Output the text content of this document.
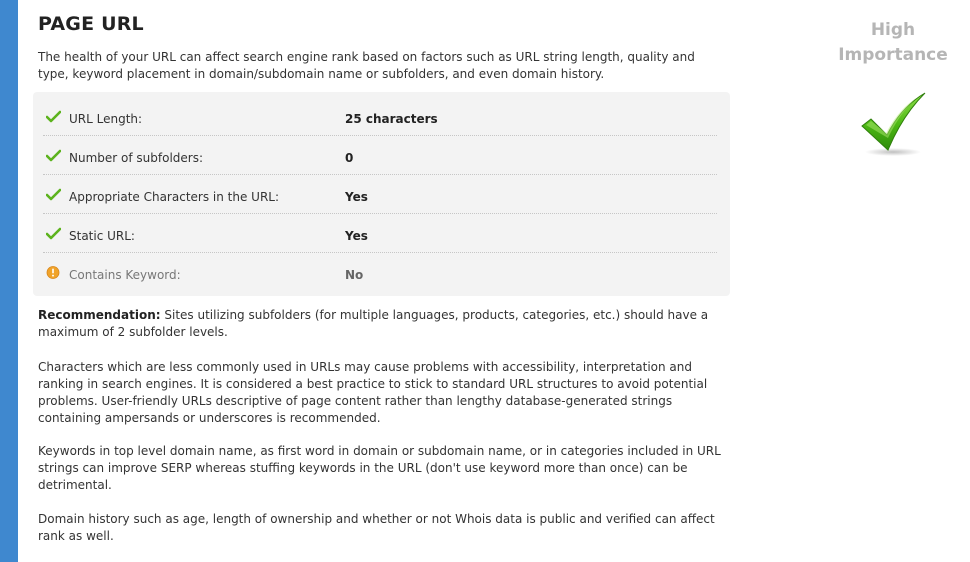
PAGE URL
The health of your URL can affect search engine rank based on factors such as URL string length, quality and type, keyword placement in domain/subdomain name or subfolders, and even domain history.
URL Length:	25 characters
Number of subfolders:	0
Appropriate Characters in the URL:	Yes
Static URL:	Yes
Contains Keyword:	No

Recommendation: Sites utilizing subfolders (for multiple languages, products, categories, etc.) should have a maximum of 2 subfolder levels.

Characters which are less commonly used in URLs may cause problems with accessibility, interpretation and ranking in search engines. It is considered a best practice to stick to standard URL structures to avoid potential problems. User-friendly URLs descriptive of page content rather than lengthy database-generated strings containing ampersands or underscores is recommended.

Keywords in top level domain name, as first word in domain or subdomain name, or in categories included in URL strings can improve SERP whereas stuffing keywords in the URL (don't use keyword more than once) can be detrimental.

Domain history such as age, length of ownership and whether or not Whois data is public and verified can affect rank as well.

High
Importance
